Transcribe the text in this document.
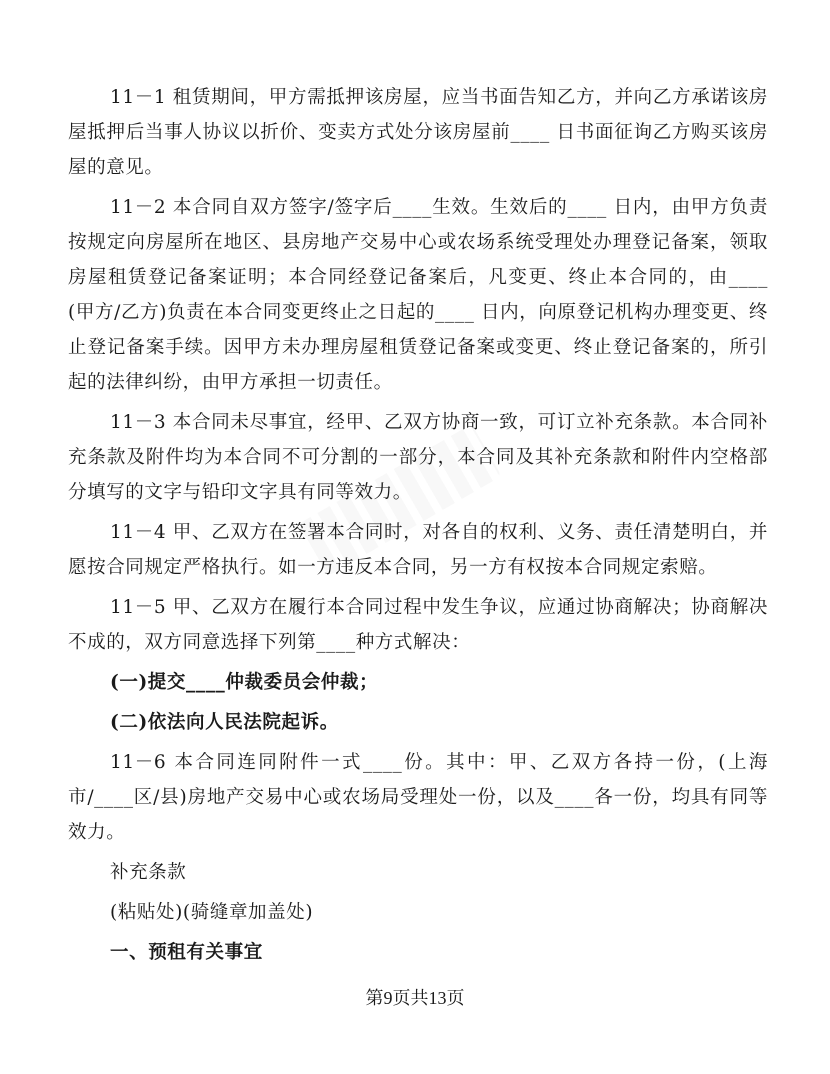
11－1 租赁期间，甲方需抵押该房屋，应当书面告知乙方，并向乙方承诺该房屋抵押后当事人协议以折价、变卖方式处分该房屋前____ 日书面征询乙方购买该房屋的意见。

11－2 本合同自双方签字/签字后____生效。生效后的____ 日内，由甲方负责按规定向房屋所在地区、县房地产交易中心或农场系统受理处办理登记备案，领取房屋租赁登记备案证明；本合同经登记备案后，凡变更、终止本合同的，由____ (甲方/乙方)负责在本合同变更终止之日起的____ 日内，向原登记机构办理变更、终止登记备案手续。因甲方未办理房屋租赁登记备案或变更、终止登记备案的，所引起的法律纠纷，由甲方承担一切责任。

11－3 本合同未尽事宜，经甲、乙双方协商一致，可订立补充条款。本合同补充条款及附件均为本合同不可分割的一部分，本合同及其补充条款和附件内空格部分填写的文字与铅印文字具有同等效力。

11－4 甲、乙双方在签署本合同时，对各自的权利、义务、责任清楚明白，并愿按合同规定严格执行。如一方违反本合同，另一方有权按本合同规定索赔。

11－5 甲、乙双方在履行本合同过程中发生争议，应通过协商解决；协商解决不成的，双方同意选择下列第____种方式解决：

(一)提交____仲裁委员会仲裁；

(二)依法向人民法院起诉。

11－6 本合同连同附件一式____份。其中：甲、乙双方各持一份，(上海市/____区/县)房地产交易中心或农场局受理处一份，以及____各一份，均具有同等效力。

补充条款

(粘贴处)(骑缝章加盖处)

一、预租有关事宜

第9页共13页
